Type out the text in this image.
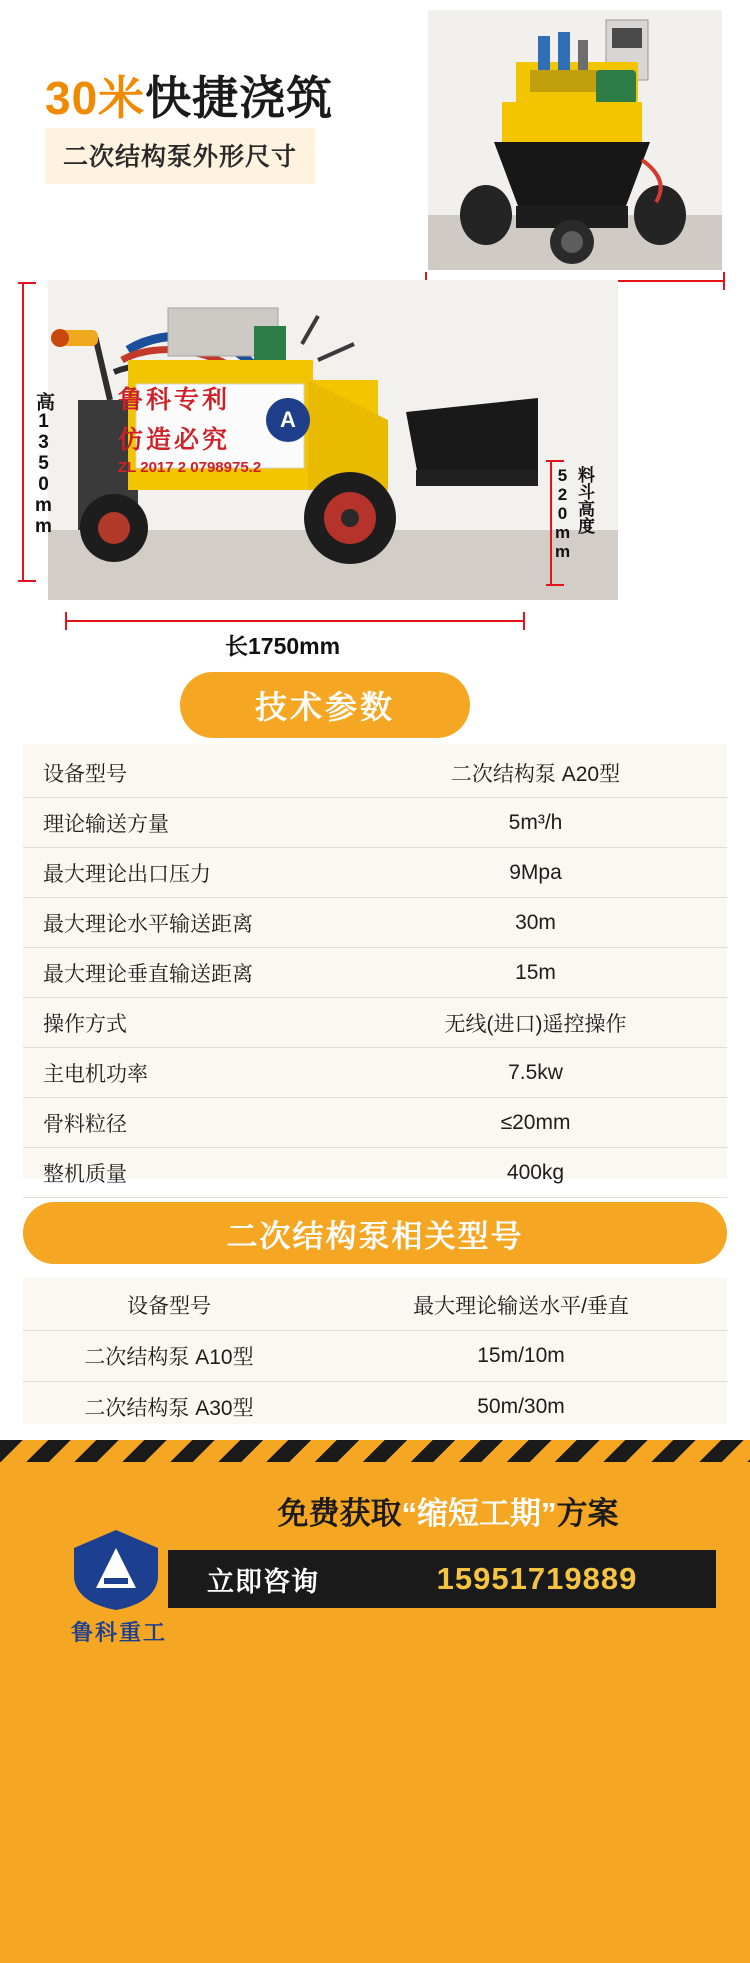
30米快捷浇筑
二次结构泵外形尺寸
鲁科专利
仿造必究
ZL 2017 2 0798975.2
A
高1350mm	料斗高度
520mm
长1750mm
技术参数
设备型号	二次结构泵 A20型
理论输送方量	5m³/h
最大理论出口压力	9Mpa
最大理论水平输送距离	30m
最大理论垂直输送距离	15m
操作方式	无线(进口)遥控操作
主电机功率	7.5kw
骨料粒径	≤20mm
整机质量	400kg

二次结构泵相关型号
设备型号	最大理论输送水平/垂直
二次结构泵 A10型	15m/10m
二次结构泵 A30型	50m/30m
鲁科重工
免费获取“缩短工期”方案
立即咨询	15951719889
